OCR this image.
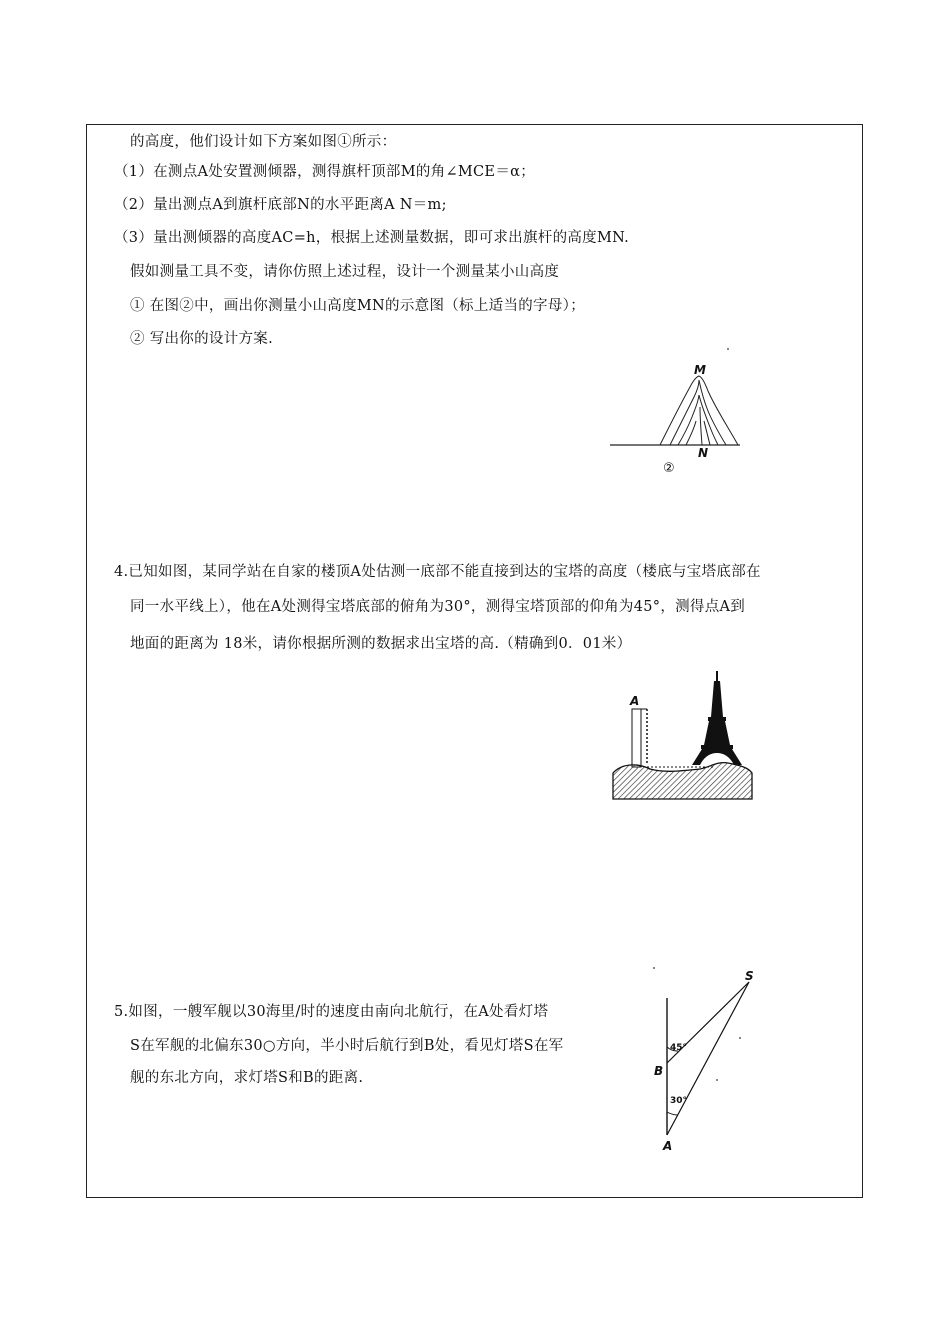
的高度，他们设计如下方案如图①所示：
（1）在测点A处安置测倾器，测得旗杆顶部M的角∠MCE＝α；
（2）量出测点A到旗杆底部N的水平距离A N＝m;
（3）量出测倾器的高度AC=h，根据上述测量数据，即可求出旗杆的高度MN.
假如测量工具不变，请你仿照上述过程，设计一个测量某小山高度
① 在图②中，画出你测量小山高度MN的示意图（标上适当的字母）；
② 写出你的设计方案.
M
N
②
4.已知如图，某同学站在自家的楼顶A处估测一底部不能直接到达的宝塔的高度（楼底与宝塔底部在
同一水平线上），他在A处测得宝塔底部的俯角为30°，测得宝塔顶部的仰角为45°，测得点A到
地面的距离为 18米，请你根据所测的数据求出宝塔的高.（精确到0．01米）
A
5.如图，一艘军舰以30海里/时的速度由南向北航行，在A处看灯塔
S在军舰的北偏东30○方向，半小时后航行到B处，看见灯塔S在军
舰的东北方向，求灯塔S和B的距离.
S
B
A
45°
30°
